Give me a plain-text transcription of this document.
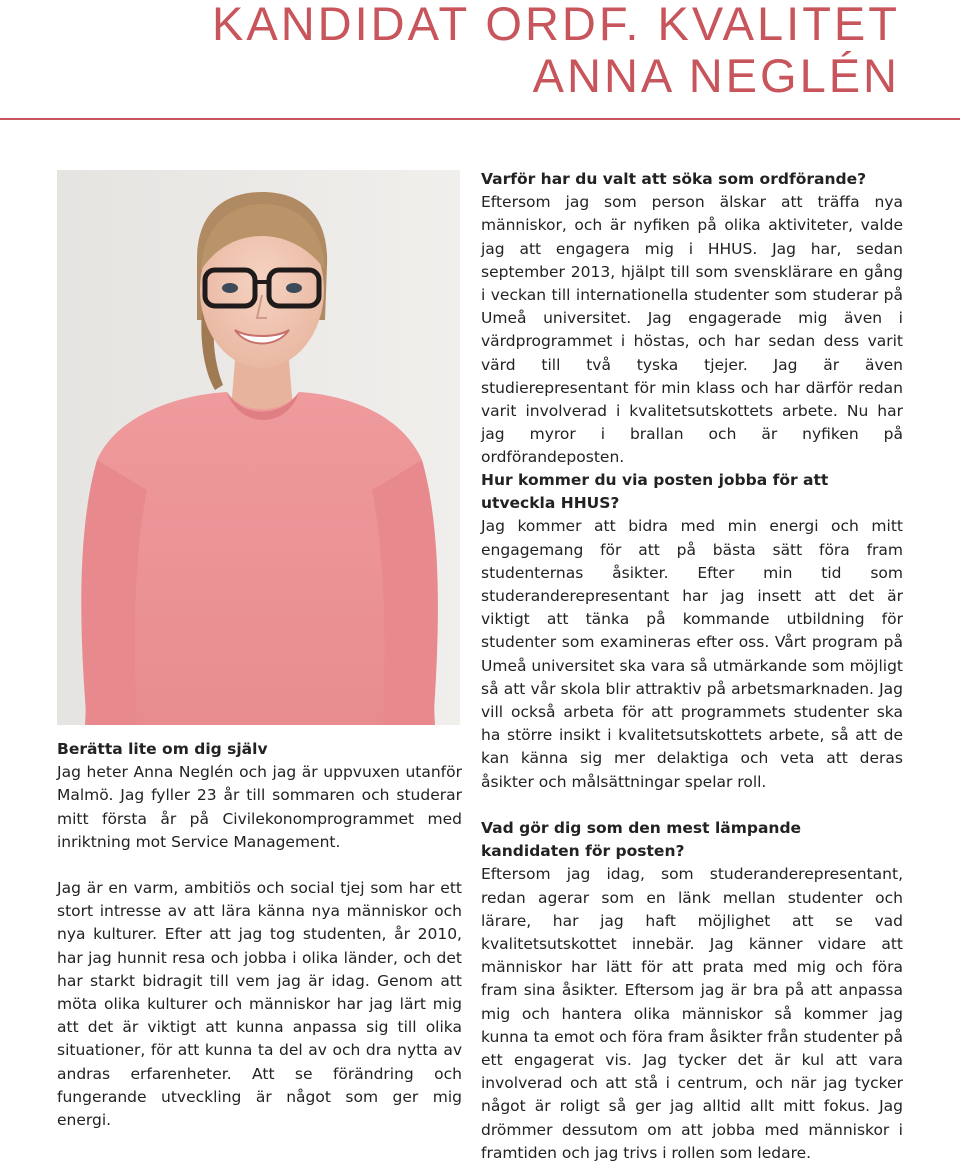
KANDIDAT ORDF. KVALITET
ANNA NEGLÉN
Varför har du valt att söka som ordförande?

Eftersom jag som person älskar att träffa nya människor, och är nyfiken på olika aktiviteter, valde jag att engagera mig i HHUS. Jag har, sedan september 2013, hjälpt till som svensklärare en gång i veckan till internationella studenter som studerar på Umeå universitet. Jag engagerade mig även i värdprogrammet i höstas, och har sedan dess varit värd till två tyska tjejer. Jag är även studierepresentant för min klass och har därför redan varit involverad i kvalitetsutskottets arbete. Nu har jag myror i brallan och är nyfiken på ordförandeposten.

Hur kommer du via posten jobba för att utveckla HHUS?

Jag kommer att bidra med min energi och mitt engagemang för att på bästa sätt föra fram studenternas åsikter. Efter min tid som studeranderepresentant har jag insett att det är viktigt att tänka på kommande utbildning för studenter som examineras efter oss. Vårt program på Umeå universitet ska vara så utmärkande som möjligt så att vår skola blir attraktiv på arbetsmarknaden. Jag vill också arbeta för att programmets studenter ska ha större insikt i kvalitetsutskottets arbete, så att de kan känna sig mer delaktiga och veta att deras åsikter och målsättningar spelar roll.

Vad gör dig som den mest lämpande kandidaten för posten?

Eftersom jag idag, som studeranderepresentant, redan agerar som en länk mellan studenter och lärare, har jag haft möjlighet att se vad kvalitetsutskottet innebär. Jag känner vidare att människor har lätt för att prata med mig och föra fram sina åsikter. Eftersom jag är bra på att anpassa mig och hantera olika människor så kommer jag kunna ta emot och föra fram åsikter från studenter på ett engagerat vis. Jag tycker det är kul att vara involverad och att stå i centrum, och när jag tycker något är roligt så ger jag alltid allt mitt fokus. Jag drömmer dessutom om att jobba med människor i framtiden och jag trivs i rollen som ledare.

Berätta lite om dig själv

Jag heter Anna Neglén och jag är uppvuxen utanför Malmö. Jag fyller 23 år till sommaren och studerar mitt första år på Civilekonomprogrammet med inriktning mot Service Management.

Jag är en varm, ambitiös och social tjej som har ett stort intresse av att lära känna nya människor och nya kulturer. Efter att jag tog studenten, år 2010, har jag hunnit resa och jobba i olika länder, och det har starkt bidragit till vem jag är idag. Genom att möta olika kulturer och människor har jag lärt mig att det är viktigt att kunna anpassa sig till olika situationer, för att kunna ta del av och dra nytta av andras erfarenheter. Att se förändring och fungerande utveckling är något som ger mig energi.
